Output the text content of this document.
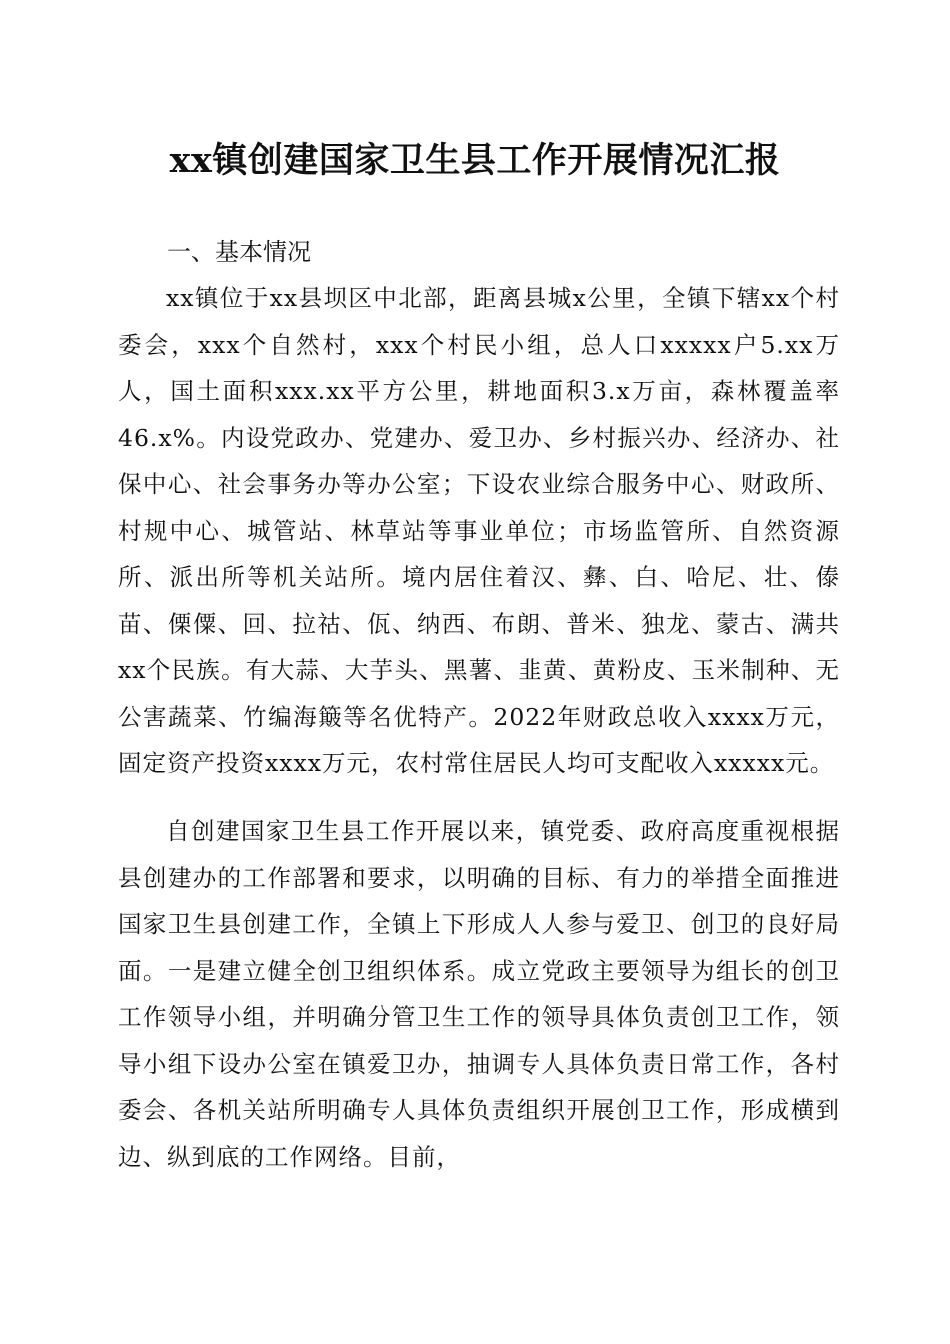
xx镇创建国家卫生县工作开展情况汇报
一、基本情况

xx镇位于xx县坝区中北部，距离县城x公里，全镇下辖xx个村委会，xxx个自然村，xxx个村民小组，总人口xxxxx户5.xx万人，国土面积xxx.xx平方公里，耕地面积3.x万亩，森林覆盖率46.x%。内设党政办、党建办、爱卫办、乡村振兴办、经济办、社保中心、社会事务办等办公室；下设农业综合服务中心、财政所、村规中心、城管站、林草站等事业单位；市场监管所、自然资源所、派出所等机关站所。境内居住着汉、彝、白、哈尼、壮、傣苗、傈僳、回、拉祜、佤、纳西、布朗、普米、独龙、蒙古、满共xx个民族。有大蒜、大芋头、黑薯、韭黄、黄粉皮、玉米制种、无公害蔬菜、竹编海簸等名优特产。2022年财政总收入xxxx万元，固定资产投资xxxx万元，农村常住居民人均可支配收入xxxxx元。

自创建国家卫生县工作开展以来，镇党委、政府高度重视根据县创建办的工作部署和要求，以明确的目标、有力的举措全面推进国家卫生县创建工作，全镇上下形成人人参与爱卫、创卫的良好局面。一是建立健全创卫组织体系。成立党政主要领导为组长的创卫工作领导小组，并明确分管卫生工作的领导具体负责创卫工作，领导小组下设办公室在镇爱卫办，抽调专人具体负责日常工作，各村委会、各机关站所明确专人具体负责组织开展创卫工作，形成横到边、纵到底的工作网络。目前，
